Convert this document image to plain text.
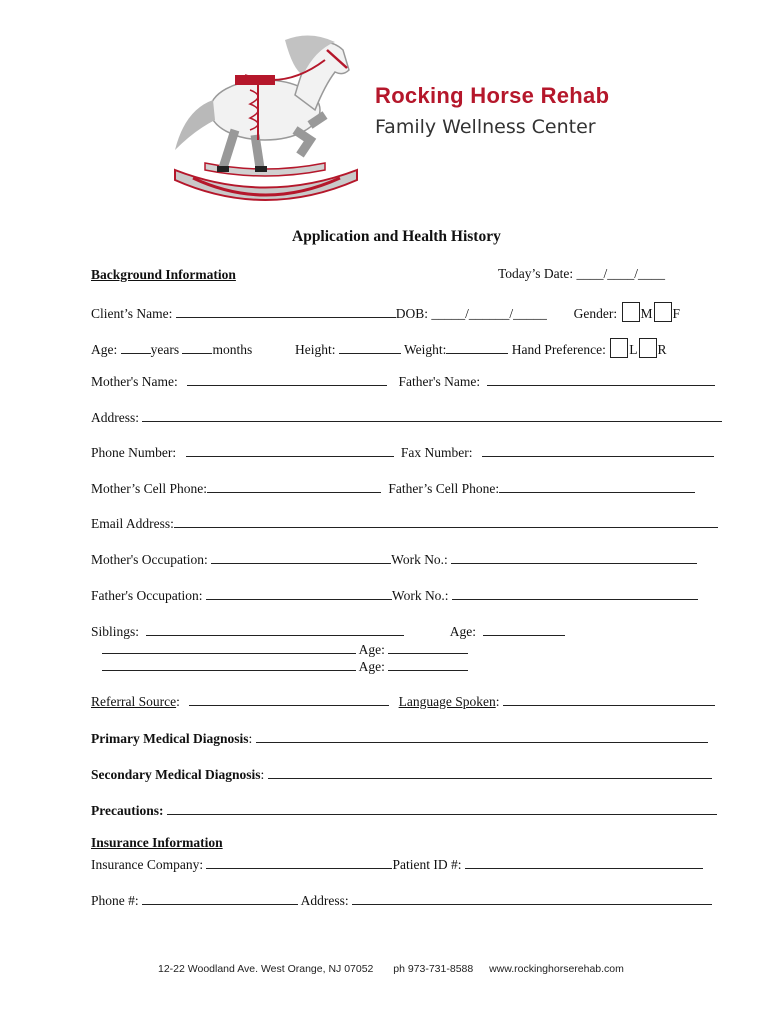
Rocking Horse Rehab
Family Wellness Center
Application and Health History
Background Information	Today’s Date: ____/____/____
Client’s Name:	DOB: _____/______/_____ Gender: M F
Age: years months	Height:	Weight:	Hand Preference: L R
Mother's Name:	Father's Name:
Address:
Phone Number:	Fax Number:
Mother’s Cell Phone:	Father’s Cell Phone:
Email Address:
Mother's Occupation:	Work No.:
Father's Occupation:	Work No.:
Siblings:	Age:
Age:
Age:
Referral Source:	Language Spoken:
Primary Medical Diagnosis:
Secondary Medical Diagnosis:
Precautions:
Insurance Information
Insurance Company:	Patient ID #:
Phone #:	Address:
12-22 Woodland Ave. West Orange, NJ 07052 ph 973-731-8588 www.rockinghorserehab.com
